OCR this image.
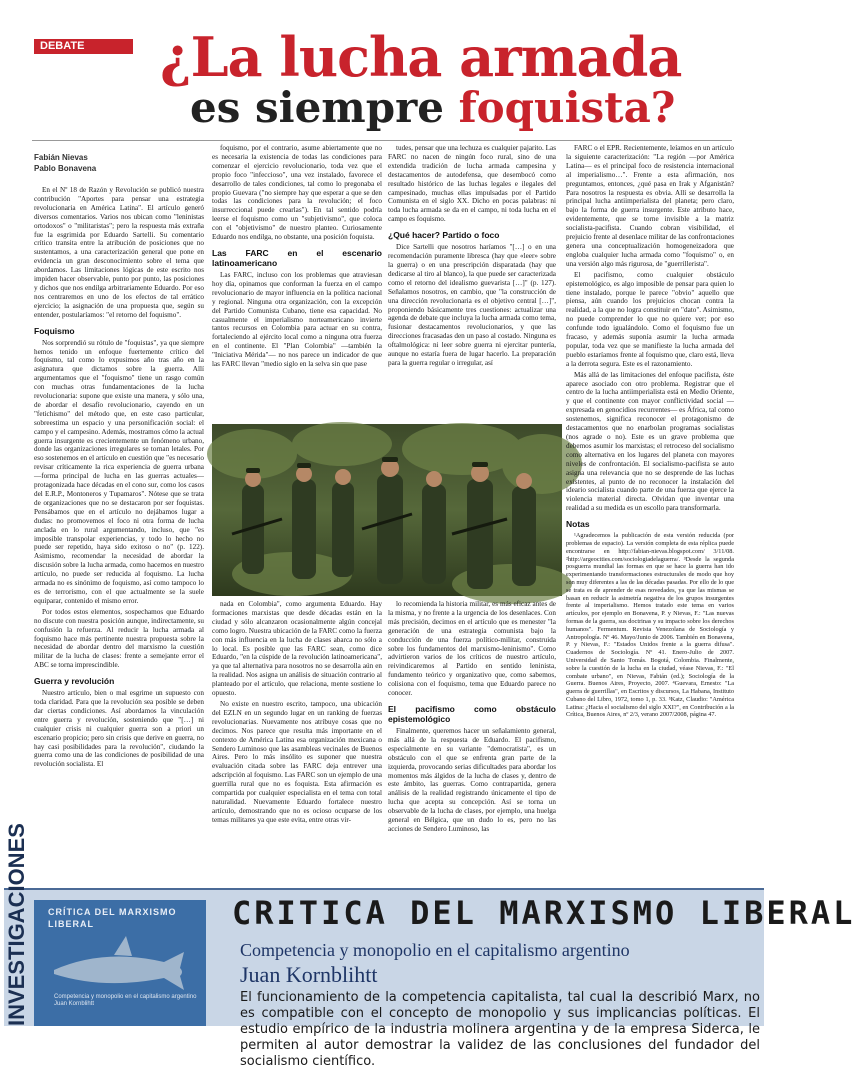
DEBATE	¿La lucha armada
es siempre foquista?
Fabián Nievas
Pablo Bonavena

En el Nº 18 de Razón y Revolución se publicó nuestra contribución "Aportes para pensar una estrategia revolucionaria en América Latina". El artículo generó diversos comentarios. Varios nos ubican como "leninistas ortodoxos" o "militaristas"; pero la respuesta más extraña fue la esgrimida por Eduardo Sartelli. Su comentario crítico transita entre la atribución de posiciones que no sustentamos, a una caracterización general que pone en evidencia un gran desconocimiento sobre el tema que abordamos. Las limitaciones lógicas de este escrito nos impiden hacer observable, punto por punto, las posiciones y dichos que nos endilga arbitrariamente Eduardo. Por eso nos centraremos en uno de los efectos de tal errático ejercicio; la asignación de una propuesta que, según su entender, postularíamos: "el retorno del foquismo".

Foquismo

Nos sorprendió su rótulo de "foquistas", ya que siempre hemos tenido un enfoque fuertemente crítico del foquismo, tal como lo expusimos año tras año en la asignatura que dictamos sobre la guerra. Allí argumentamos que el "foquismo" tiene un rasgo común con muchas otras fundamentaciones de la lucha revolucionaria: supone que existe una manera, y sólo una, de abordar el desafío revolucionario, cayendo en un "fetichismo" del método que, en este caso particular, sobreestima un espacio y una personificación social: el campo y el campesino. Además, mostramos cómo la actual guerra insurgente es crecientemente un fenómeno urbano, donde las organizaciones irregulares se tornan letales. Por eso sostenemos en el artículo en cuestión que "es necesario revisar críticamente la rica experiencia de guerra urbana —forma principal de lucha en las guerras actuales— protagonizada hace décadas en el cono sur, como los casos del E.R.P., Montoneros y Tupamaros". Nótese que se trata de organizaciones que no se destacaron por ser foquistas. Pensábamos que en el artículo no dejábamos lugar a dudas: no promovemos el foco ni otra forma de lucha anclada en lo rural argumentando, incluso, que "es imposible transpolar experiencias, y todo lo hecho no puede ser repetido, haya sido exitoso o no" (p. 122). Asimismo, recomendar la necesidad de abordar la discusión sobre la lucha armada, como hacemos en nuestro artículo, no puede ser reducida al foquismo. La lucha armada no es sinónimo de foquismo, así como tampoco lo es de terrorismo, con el que actualmente se la suele equiparar, contenido el mismo error.

Por todos estos elementos, sospechamos que Eduardo no discute con nuestra posición aunque, indirectamente, su confusión la refuerza. Al reducir la lucha armada al foquismo hace más pertinente nuestra propuesta sobre la necesidad de abordar dentro del marxismo la cuestión militar de la lucha de clases: frente a semejante error el ABC se torna imprescindible.

Guerra y revolución

Nuestro artículo, bien o mal esgrime un supuesto con toda claridad. Para que la revolución sea posible se deben dar ciertas condiciones. Así abordamos la vinculación entre guerra y revolución, sosteniendo que "[…] ni cualquier crisis ni cualquier guerra son a priori un escenario propicio; pero sin crisis que derive en guerra, no hay casi posibilidades para la revolución", ciudando la guerra como una de las condiciones de posibilidad de una revolución socialista. El

foquismo, por el contrario, asume abiertamente que no es necesaria la existencia de todas las condiciones para comenzar el ejercicio revolucionario, toda vez que el propio foco "infeccioso", una vez instalado, favorece el desarrollo de tales condiciones, tal como lo pregonaba el propio Guevara ("no siempre hay que esperar a que se den todas las condiciones para la revolución; el foco insurreccional puede crearlas"). En tal sentido podría leerse el foquismo como un "subjetivismo", que coloca con el "objetivismo" de nuestro planteo. Curiosamente Eduardo nos endilga, no obstante, una posición foquista.

Las FARC en el escenario latinoamericano

Las FARC, incluso con los problemas que atraviesan hoy día, opinamos que conforman la fuerza en el campo revolucionario de mayor influencia en la política nacional y regional. Ninguna otra organización, con la excepción del Partido Comunista Cubano, tiene esa capacidad. No casualmente el imperialismo norteamericano invierte tantos recursos en Colombia para actuar en su contra, fortaleciendo al ejército local como a ninguna otra fuerza en el continente. El "Plan Colombia" —también la "Iniciativa Mérida"— no nos parece un indicador de que las FARC llevan "medio siglo en la selva sin que pase

tudes, pensar que una lechuza es cualquier pajarito. Las FARC no nacen de ningún foco rural, sino de una extendida tradición de lucha armada campesina y destacamentos de autodefensa, que desembocó como resultado histórico de las luchas legales e ilegales del campesinado, muchas ellas impulsadas por el Partido Comunista en el siglo XX. Dicho en pocas palabras: ni toda lucha armada se da en el campo, ni toda lucha en el campo es foquismo.

¿Qué hacer? Partido o foco

Dice Sartelli que nosotros haríamos "[…] o en una recomendación puramente libresca (hay que «leer» sobre la guerra) o en una prescripción disparatada (hay que dedicarse al tiro al blanco), la que puede ser caracterizada como el retorno del idealismo guevarista […]" (p. 127). Señalamos nosotros, en cambio, que "la construcción de una dirección revolucionaria es el objetivo central […]", proponiendo básicamente tres cuestiones: actualizar una agenda de debate que incluya la lucha armada como tema, fusionar destacamentos revolucionarios, y que las direcciones fracasadas den un paso al costado. Ninguna es oftalmológica: ni leer sobre guerra ni ejercitar puntería, aunque no estaría fuera de lugar hacerlo. La preparación para la guerra regular o irregular, así

nada en Colombia", como argumenta Eduardo. Hay formaciones marxistas que desde décadas están en la ciudad y sólo alcanzaron ocasionalmente algún concejal como logro. Nuestra ubicación de la FARC como la fuerza con más influencia en la lucha de clases abarca no sólo a lo local. Es posible que las FARC sean, como dice Eduardo, "en la cúspide de la revolución latinoamericana", ya que tal alternativa para nosotros no se desarrolla aún en la realidad. Nos asigna un análisis de situación contrario al planteado por el artículo, que relaciona, mente sostiene lo opuesto.

No existe en nuestro escrito, tampoco, una ubicación del EZLN en un segundo lugar en un ranking de fuerzas revolucionarias. Nuevamente nos atribuye cosas que no decimos. Nos parece que resulta más importante en el contexto de América Latina esa organización mexicana o Sendero Luminoso que las asambleas vecinales de Buenos Aires. Pero lo más insólito es suponer que nuestra evaluación citada sobre las FARC deja entrever una adscripción al foquismo. Las FARC son un ejemplo de una guerrilla rural que no es foquista. Esta afirmación es compartida por cualquier especialista en el tema con total naturalidad. Nuevamente Eduardo fortalece nuestro artículo, demostrando que no es ocioso ocuparse de los temas militares ya que este evita, entre otras vir-

lo recomienda la historia militar, es más eficaz antes de la misma, y no frente a la urgencia de los desenlaces. Con más precisión, decimos en el artículo que es menester "la generación de una estrategia comunista bajo la conducción de una fuerza político-militar, construida sobre los fundamentos del marxismo-leninismo". Como advirtieron varios de los críticos de nuestro artículo, reivindicaremos al Partido en sentido leninista, fundamento teórico y organizativo que, como sabemos, colisiona con el foquismo, tema que Eduardo parece no conocer.

El pacifismo como obstáculo epistemológico

Finalmente, queremos hacer un señalamiento general, más allá de la respuesta de Eduardo. El pacifismo, especialmente en su variante "democratista", es un obstáculo con el que se enfrenta gran parte de la izquierda, provocando serias dificultades para abordar los momentos más álgidos de la lucha de clases y, dentro de este ámbito, las guerras. Como contrapartida, genera análisis de la realidad registrando únicamente el tipo de lucha que acepta su concepción. Así se torna un observable de la lucha de clases, por ejemplo, una huelga general en Bélgica, que un dudo lo es, pero no las acciones de Sendero Luminoso, las

FARC o el EPR. Recientemente, leíamos en un artículo la siguiente caracterización: "La región —por América Latina— es el principal foco de resistencia internacional al imperialismo…". Frente a esta afirmación, nos preguntamos, entonces, ¿qué pasa en Irak y Afganistán? Para nosotros la respuesta es obvia. Allí se desarrolla la principal lucha antiimperialista del planeta; pero claro, bajo la forma de guerra insurgente. Este atributo hace, evidentemente, que se torne invisible a la matriz socialista-pacifista. Cuando cobran visibilidad, el prejuicio frente al desenlace militar de las confrontaciones genera una conceptualización homogeneizadora que engloba cualquier lucha armada como "foquismo" o, en una versión algo más rigurosa, de "guerrillerista".

El pacifismo, como cualquier obstáculo epistemológico, es algo imposible de pensar para quien lo tiene instalado, porque le parece "obvio" aquello que piensa, aún cuando los prejuicios chocan contra la realidad, a la que no logra constituir en "dato". Asimismo, no puede comprender lo que no quiere ver; por eso confunde todo igualándolo. Como el foquismo fue un fracaso, y además suponía asumir la lucha armada popular, toda vez que se manifieste la lucha armada del pueblo estaríamos frente al foquismo que, claro está, lleva a la derrota segura. Este es el razonamiento.

Más allá de las limitaciones del enfoque pacifista, éste aparece asociado con otro problema. Registrar que el centro de la lucha antiimperialista está en Medio Oriente, y que el continente con mayor conflictividad social —expresada en genocidios recurrentes— es África, tal como sostenemos, significa reconocer el protagonismo de destacamentos que no enarbolan programas socialistas (nos agrade o no). Este es un grave problema que debemos asumir los marxistas; el retroceso del socialismo como alternativa en los lugares del planeta con mayores niveles de confrontación. El socialismo-pacifista se auto asigna una relevancia que no se desprende de las luchas existentes, al punto de no reconocer la instalación del ideario socialista cuando parte de una fuerza que ejerce la violencia material directa. Olvidan que inventar una realidad a su medida es un escollo para transformarla.

Notas

¹Agradecemos la publicación de esta versión reducida (por problemas de espacio). La versión completa de esta réplica puede encontrarse en http://fabian-nievas.blogspot.com/ 3/11/08. ²http://argeocities.com/sociologiadelaguerra/. ³Desde la segunda posguerra mundial las formas en que se hace la guerra han ido experimentando transformaciones estructurales de modo que hoy son muy diferentes a las de las décadas pasadas. Por ello de lo que se trata es de aprender de esas novedades, ya que las mismas se basan en reducir la asimetría negativa de los grupos insurgentes frente al imperialismo. Hemos tratado este tema en varios artículos, por ejemplo en Bonavena, P. y Nievas, F.: "Las nuevas formas de la guerra, sus doctrinas y su impacto sobre los derechos humanos". Fermentum. Revista Venezolana de Sociología y Antropología. Nº 46. Mayo/Junio de 2006. También en Bonavena, P. y Nievas, F.: "Estados Unidos frente a la guerra difusa". Cuadernos de Sociología. Nº 41. Enero-Julio de 2007. Universidad de Santo Tomás. Bogotá, Colombia. Finalmente, sobre la cuestión de la lucha en la ciudad, véase Nievas, F.: "El combate urbano", en Nievas, Fabián (ed.); Sociología de la Guerra. Buenos Aires, Proyecto, 2007. ⁴Guevara, Ernesto: "La guerra de guerrillas", en Escritos y discursos, La Habana, Instituto Cubano del Libro, 1972, tomo 1, p. 33. ⁵Katz, Claudio: "América Latina: ¿Hacia el socialismo del siglo XXI?", en Contribución a la Crítica, Buenos Aires, nº 2/3, verano 2007/2008, página 47.

INVESTIGACIONES CRÍTICA DEL MARXISMO LIBERAL
Competencia y monopolio en el capitalismo argentino
Juan Kornblihtt
CRITICA DEL MARXISMO LIBERAL
Competencia y monopolio en el capitalismo argentino
Juan Kornblihtt
El funcionamiento de la competencia capitalista, tal cual la describió Marx, no es compatible con el concepto de monopolio y sus implicancias políticas. El estudio empírico de la industria molinera argentina y de la empresa Siderca, le permiten al autor demostrar la validez de las conclusiones del fundador del socialismo científico.
